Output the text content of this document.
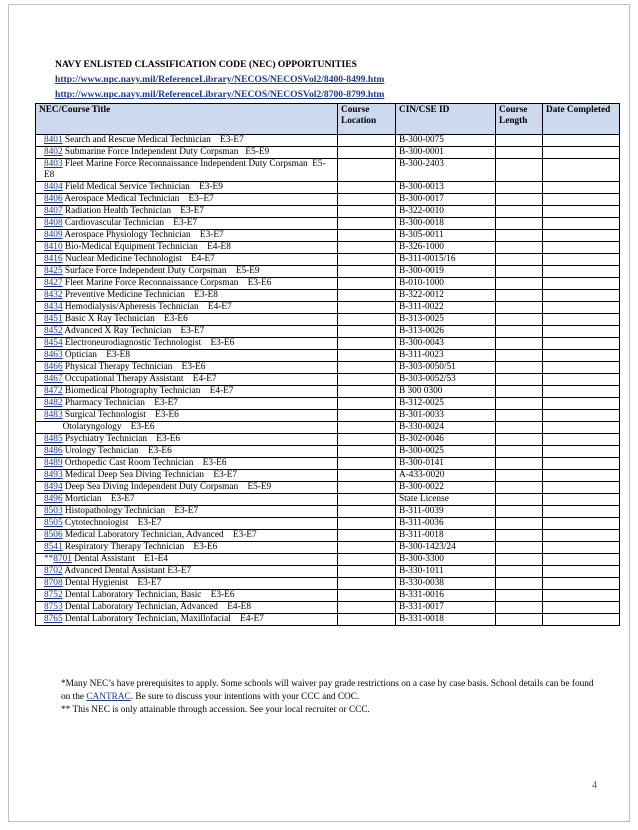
NAVY ENLISTED CLASSIFICATION CODE (NEC) OPPORTUNITIES
http://www.npc.navy.mil/ReferenceLibrary/NECOS/NECOSVol2/8400-8499.htm
http://www.npc.navy.mil/ReferenceLibrary/NECOS/NECOSVol2/8700-8799.htm
NEC/Course Title	Course Location	CIN/CSE ID	Course Length	Date Completed
8401 Search and Rescue Medical Technician    E3-E7		B-300-0075		
8402 Submarine Force Independent Duty Corpsman   E5-E9		B-300-0001		
8403 Fleet Marine Force Reconnaissance Independent Duty Corpsman  E5-E8		B-300-2403		
8404 Field Medical Service Technician    E3-E9		B-300-0013		
8406 Aerospace Medical Technician    E3–E7		B-300-0017		
8407 Radiation Health Technician    E3-E7		B-322-0010		
8408 Cardiovascular Technician    E3-E7		B-300-0018		
8409 Aerospace Physiology Technician    E3-E7		B-305-0011		
8410 Bio-Medical Equipment Technician    E4-E8		B-326-1000		
8416 Nuclear Medicine Technologist    E4-E7		B-311-0015/16		
8425 Surface Force Independent Duty Corpsman    E5-E9		B-300-0019		
8427 Fleet Marine Force Reconnaissance Corpsman    E3-E6		B-010-1000		
8432 Preventive Medicine Technician    E3-E8		B-322-0012		
8434 Hemodialysis/Apheresis Technician    E4-E7		B-311-0022		
8451 Basic X Ray Technician    E3-E6		B-313-0025		
8452 Advanced X Ray Technician    E3-E7		B-313-0026		
8454 Electroneurodiagnostic Technologist    E3-E6		B-300-0043		
8463 Optician    E3-E8		B-311-0023		
8466 Physical Therapy Technician    E3-E6		B-303-0050/51		
8467 Occupational Therapy Assistant    E4-E7		B-303-0052/53		
8472 Biomedical Photography Technician    E4-E7		B 300 0300		
8482 Pharmacy Technician    E3-E7		B-312-0025		
8483 Surgical Technologist    E3-E6		B-301-0033		
Otolaryngology    E3-E6		B-330-0024		
8485 Psychiatry Technician    E3-E6		B-302-0046		
8486 Urology Technician    E3-E6		B-300-0025		
8489 Orthopedic Cast Room Technician    E3-E6		B-300-0141		
8493 Medical Deep Sea Diving Technician    E3-E7		A-433-0020		
8494 Deep Sea Diving Independent Duty Corpsman    E5-E9		B-300-0022		
8496 Mortician    E3-E7		State License		
8503 Histopathology Technician    E3-E7		B-311-0039		
8505 Cytotechnologist    E3-E7		B-311-0036		
8506 Medical Laboratory Technician, Advanced    E3-E7		B-311-0018		
8541 Respiratory Therapy Technician    E3-E6		B-300-1423/24		
**8701 Dental Assistant    E1-E4		B-300-3300		
8702 Advanced Dental Assistant E3-E7		B-330-1011		
8708 Dental Hygienist    E3-E7		B-330-0038		
8752 Dental Laboratory Technician, Basic    E3-E6		B-331-0016		
8753 Dental Laboratory Technician, Advanced    E4-E8		B-331-0017		
8765 Dental Laboratory Technician, Maxillofacial    E4-E7		B-331-0018		

*Many NEC’s have prerequisites to apply. Some schools will waiver pay grade restrictions on a case by case basis. School details can be found on the CANTRAC. Be sure to discuss your intentions with your CCC and COC.

** This NEC is only attainable through accession. See your local recruiter or CCC.

4
